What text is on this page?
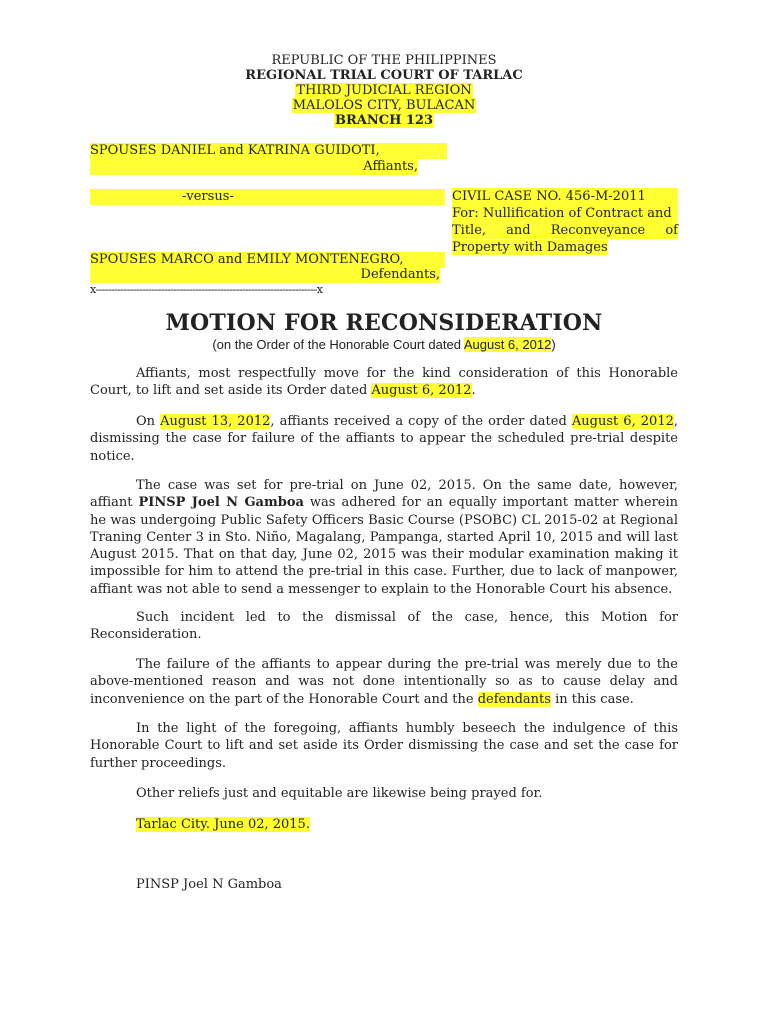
REPUBLIC OF THE PHILIPPINES
REGIONAL TRIAL COURT OF TARLAC
THIRD JUDICIAL REGION
MALOLOS CITY, BULACAN
BRANCH 123
SPOUSES DANIEL and KATRINA GUIDOTI,
Affiants,
-versus-	CIVIL CASE NO. 456-M-2011
For: Nullification of Contract and
Title, and Reconveyance of
Property with Damages
SPOUSES MARCO and EMILY MONTENEGRO,
Defendants,
x-----------------------------------------------------------------------x
MOTION FOR RECONSIDERATION
(on the Order of the Honorable Court dated August 6, 2012)
Affiants, most respectfully move for the kind consideration of this Honorable
Court, to lift and set aside its Order dated August 6, 2012.
On August 13, 2012, affiants received a copy of the order dated August 6, 2012,
dismissing the case for failure of the affiants to appear the scheduled pre-trial despite
notice.
The case was set for pre-trial on June 02, 2015. On the same date, however,
affiant PINSP Joel N Gamboa was adhered for an equally important matter wherein
he was undergoing Public Safety Officers Basic Course (PSOBC) CL 2015-02 at Regional
Traning Center 3 in Sto. Niño, Magalang, Pampanga, started April 10, 2015 and will last
August 2015. That on that day, June 02, 2015 was their modular examination making it
impossible for him to attend the pre-trial in this case. Further, due to lack of manpower,
affiant was not able to send a messenger to explain to the Honorable Court his absence.
Such incident led to the dismissal of the case, hence, this Motion for
Reconsideration.
The failure of the affiants to appear during the pre-trial was merely due to the
above-mentioned reason and was not done intentionally so as to cause delay and
inconvenience on the part of the Honorable Court and the defendants in this case.
In the light of the foregoing, affiants humbly beseech the indulgence of this
Honorable Court to lift and set aside its Order dismissing the case and set the case for
further proceedings.
Other reliefs just and equitable are likewise being prayed for.
Tarlac City. June 02, 2015.
PINSP Joel N Gamboa
